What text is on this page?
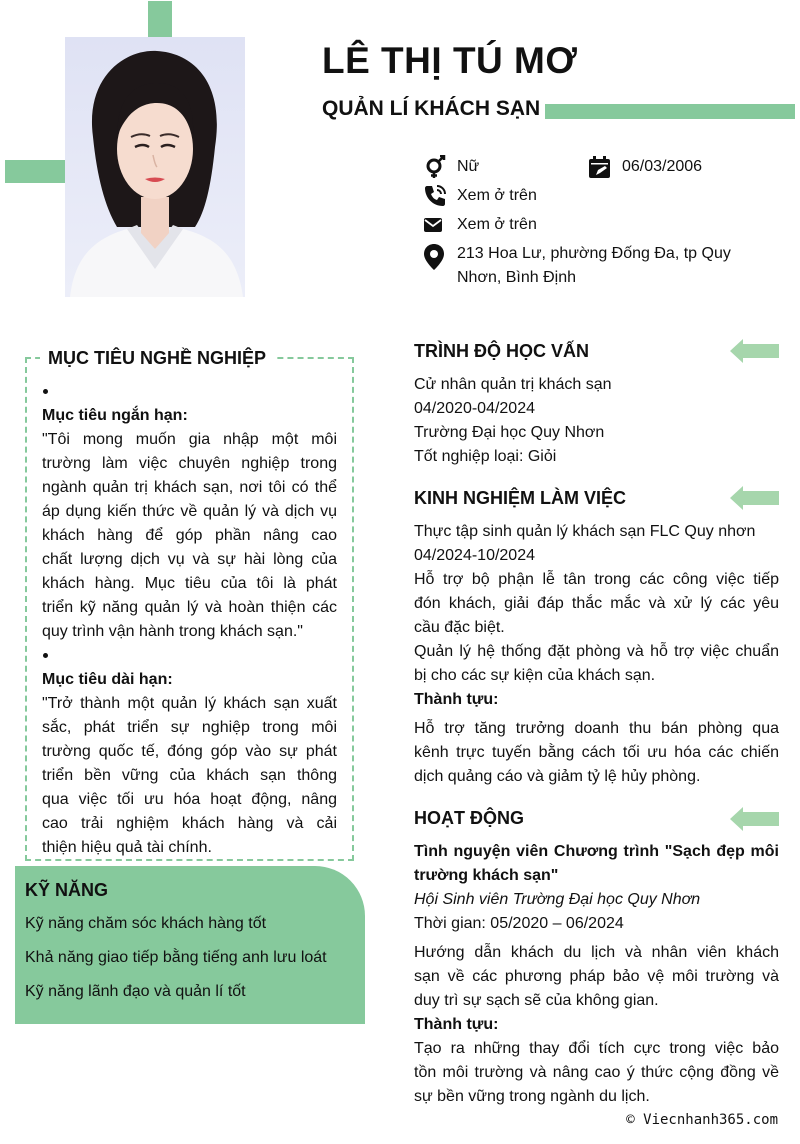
LÊ THỊ TÚ MƠ
QUẢN LÍ KHÁCH SẠN
Nữ	06/03/2006
Xem ở trên
Xem ở trên
213 Hoa Lư, phường Đống Đa, tp Quy
Nhơn, Bình Định
MỤC TIÊU NGHỀ NGHIỆP
Mục tiêu ngắn hạn:
"Tôi mong muốn gia nhập một môi
trường làm việc chuyên nghiệp trong
ngành quản trị khách sạn, nơi tôi có thể
áp dụng kiến thức về quản lý và dịch vụ
khách hàng để góp phần nâng cao
chất lượng dịch vụ và sự hài lòng của
khách hàng. Mục tiêu của tôi là phát
triển kỹ năng quản lý và hoàn thiện các
quy trình vận hành trong khách sạn."
Mục tiêu dài hạn:
"Trở thành một quản lý khách sạn xuất
sắc, phát triển sự nghiệp trong môi
trường quốc tế, đóng góp vào sự phát
triển bền vững của khách sạn thông
qua việc tối ưu hóa hoạt động, nâng
cao trải nghiệm khách hàng và cải
thiện hiệu quả tài chính.
KỸ NĂNG
Kỹ năng chăm sóc khách hàng tốt
Khả năng giao tiếp bằng tiếng anh lưu loát
Kỹ năng lãnh đạo và quản lí tốt
TRÌNH ĐỘ HỌC VẤN
Cử nhân quản trị khách sạn
04/2020-04/2024
Trường Đại học Quy Nhơn
Tốt nghiệp loại: Giỏi
KINH NGHIỆM LÀM VIỆC
Thực tập sinh quản lý khách sạn FLC Quy nhơn
04/2024-10/2024
Hỗ trợ bộ phận lễ tân trong các công việc tiếp
đón khách, giải đáp thắc mắc và xử lý các yêu
cầu đặc biệt.
Quản lý hệ thống đặt phòng và hỗ trợ việc chuẩn
bị cho các sự kiện của khách sạn.
Thành tựu:
Hỗ trợ tăng trưởng doanh thu bán phòng qua
kênh trực tuyến bằng cách tối ưu hóa các chiến
dịch quảng cáo và giảm tỷ lệ hủy phòng.
HOẠT ĐỘNG
Tình nguyện viên Chương trình "Sạch đẹp môi
trường khách sạn"
Hội Sinh viên Trường Đại học Quy Nhơn
Thời gian: 05/2020 – 06/2024
Hướng dẫn khách du lịch và nhân viên khách
sạn về các phương pháp bảo vệ môi trường và
duy trì sự sạch sẽ của không gian.
Thành tựu:
Tạo ra những thay đổi tích cực trong việc bảo
tồn môi trường và nâng cao ý thức cộng đồng về
sự bền vững trong ngành du lịch.
© Viecnhanh365.com
